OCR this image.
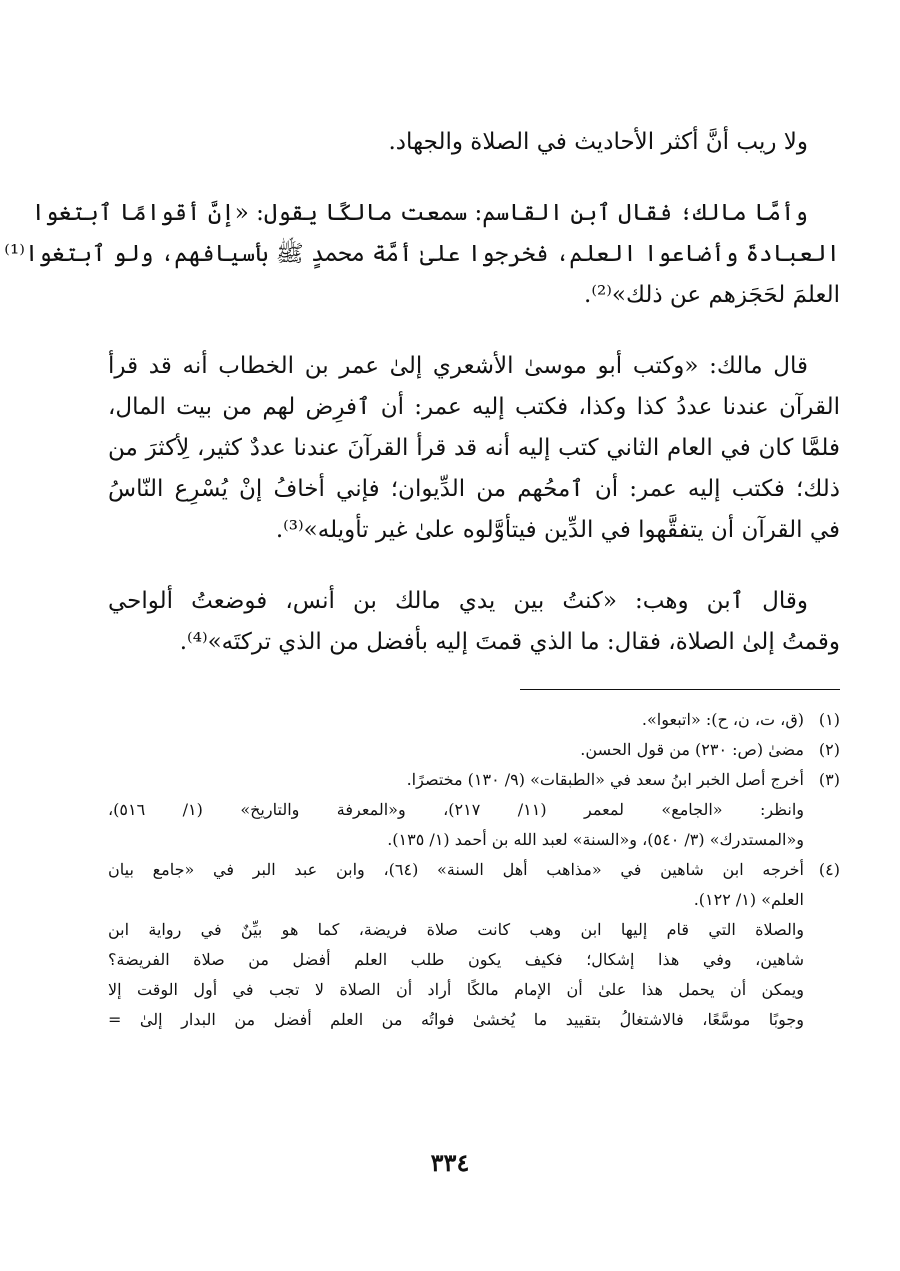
ولا ريب أنَّ أكثر الأحاديث في الصلاة والجهاد.
وأمَّا مالك؛ فقال ٱبن القاسم: سمعت مالكًا يقول: «إنَّ أقوامًا ٱبتغوا
العبادةَ وأضاعوا العلم، فخرجوا علىٰ أمَّة محمدٍ ﷺ بأسيافهم، ولو ٱبتغوا⁽¹⁾
العلمَ لحَجَزهم عن ذلك»⁽²⁾.
قال مالك: «وكتب أبو موسىٰ الأشعري إلىٰ عمر بن الخطاب أنه قد قرأ
القرآن عندنا عددُ كذا وكذا، فكتب إليه عمر: أن ٱفرِض لهم من بيت المال،
فلمَّا كان في العام الثاني كتب إليه أنه قد قرأ القرآنَ عندنا عددٌ كثير، لِأكثرَ من
ذلك؛ فكتب إليه عمر: أن ٱمحُهم من الدِّيوان؛ فإني أخافُ إنْ يُسْرِع النّاسُ
في القرآن أن يتفقَّهوا في الدِّين فيتأوَّلوه علىٰ غير تأويله»⁽³⁾.
وقال ٱبن وهب: «كنتُ بين يدي مالك بن أنس، فوضعتُ ألواحي
وقمتُ إلىٰ الصلاة، فقال: ما الذي قمتَ إليه بأفضل من الذي تركتَه»⁽⁴⁾.
(١)
(ق، ت، ن، ح): «اتبعوا».
(٢)
مضىٰ (ص: ٢٣٠) من قول الحسن.
(٣)
أخرج أصل الخبر ابنُ سعد في «الطبقات» (٩/ ١٣٠) مختصرًا.
وانظر: «الجامع» لمعمر (١١/ ٢١٧)، و«المعرفة والتاريخ» (١/ ٥١٦)،
و«المستدرك» (٣/ ٥٤٠)، و«السنة» لعبد الله بن أحمد (١/ ١٣٥).
(٤)
أخرجه ابن شاهين في «مذاهب أهل السنة» (٦٤)، وابن عبد البر في «جامع بيان
العلم» (١/ ١٢٢).
والصلاة التي قام إليها ابن وهب كانت صلاة فريضة، كما هو بيِّنٌ في رواية ابن
شاهين، وفي هذا إشكال؛ فكيف يكون طلب العلم أفضل من صلاة الفريضة؟
ويمكن أن يحمل هذا علىٰ أن الإمام مالكًا أراد أن الصلاة لا تجب في أول الوقت إلا
وجوبًا موسَّعًا، فالاشتغالُ بتقييد ما يُخشىٰ فواتُه من العلم أفضل من البدار إلىٰ =
٣٣٤
